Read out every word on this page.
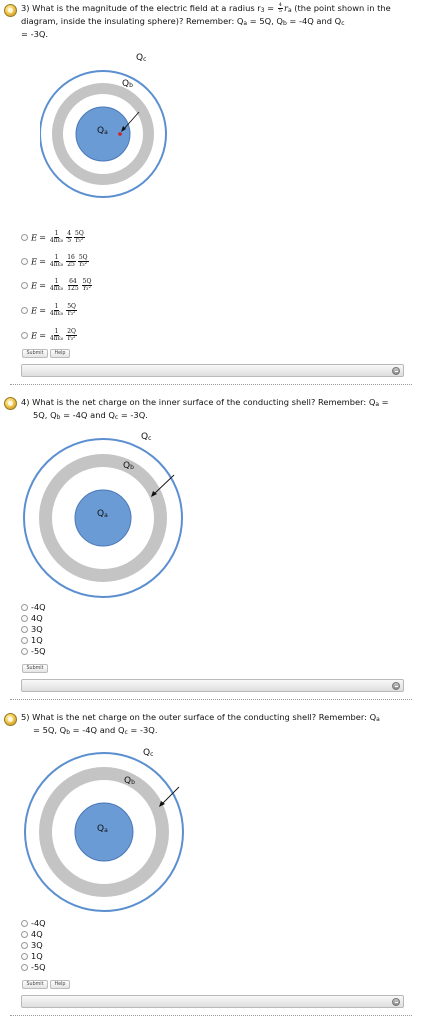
3) What is the magnitude of the electric field at a radius $r_3 = \frac{4}{5} r_a$ (the point shown in the diagram, inside the insulating sphere)? Remember: $Q_a = 5Q$, $Q_b = -4Q$ and $Q_c$
= -3Q.
$Q_c$
$Q_b$
$Q_a$
$E = \frac{1}{\text{4πε₀}} \frac{4}{5} \frac{5Q}{\text{r₃²}}$
$E = \frac{1}{\text{4πε₀}} \frac{16}{25} \frac{5Q}{\text{r₃²}}$
$E = \frac{1}{\text{4πε₀}} \frac{64}{125} \frac{5Q}{\text{r₃²}}$
$E = \frac{1}{\text{4πε₀}} \frac{5Q}{\text{r₃²}}$
$E = \frac{1}{\text{4πε₀}} \frac{2Q}{\text{r₃²}}$
Submit	Help
4) What is the net charge on the inner surface of the conducting shell? Remember: $Q_a$ =
5Q, $Q_b = -4Q$ and $Q_c = -3Q$.
$Q_c$
$Q_b$
$Q_a$
-4Q
4Q
3Q
1Q
-5Q
Submit
5) What is the net charge on the outer surface of the conducting shell? Remember: $Q_a$
= 5Q, $Q_b = -4Q$ and $Q_c = -3Q$.
$Q_c$
$Q_b$
$Q_a$
-4Q
4Q
3Q
1Q
-5Q
Submit	Help
